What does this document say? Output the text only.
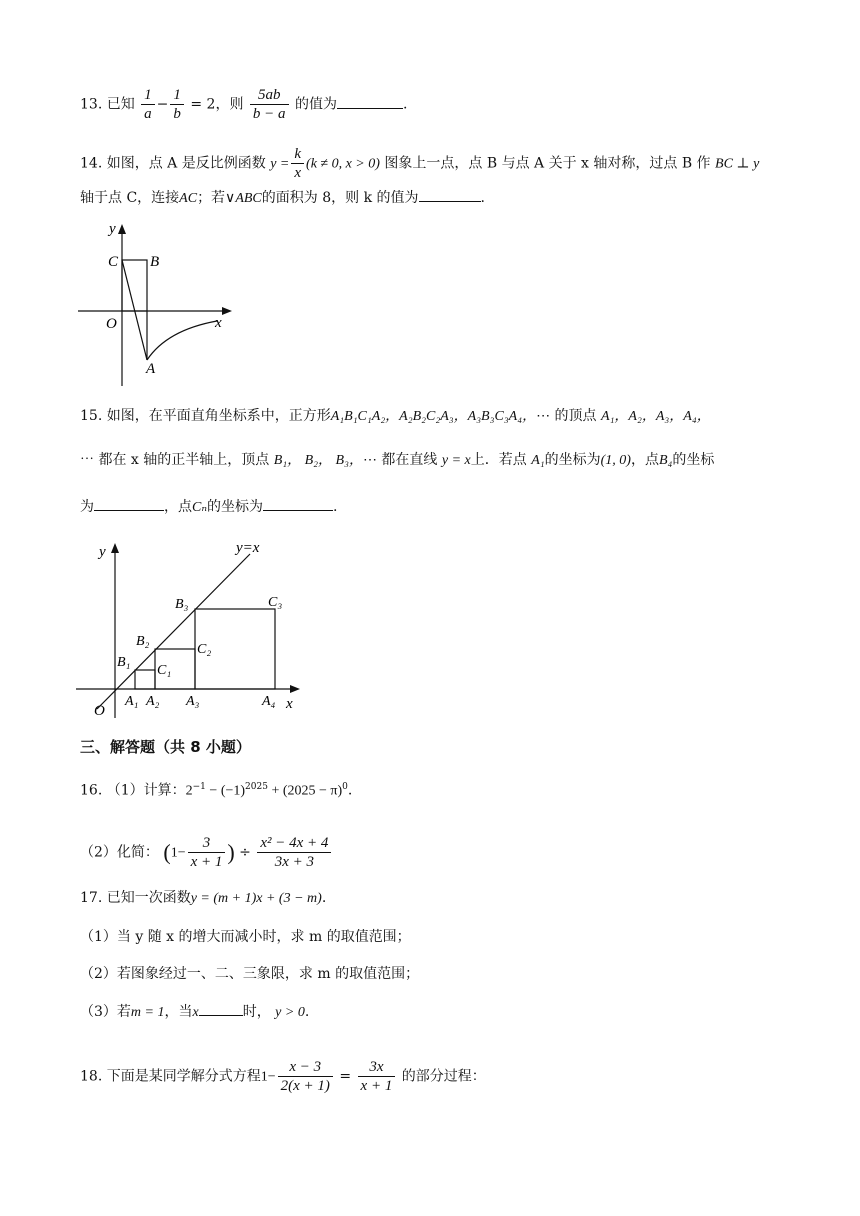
13. 已知 $\frac{1}{a} - \frac{1}{b} = 2$，则 $\frac{5ab}{b - a}$ 的值为	.
14. 如图，点 A 是反比例函数 $y = \frac{k}{x} (k \ne 0$, x > 0) 图象上一点，点 B 与点 A 关于 x 轴对称，过点 B 作 BC ⊥ y
轴于点 C，连接AC；若∨ABC的面积为 8，则 k 的值为	.
y
x
O
C B
A
15. 如图，在平面直角坐标系中，正方形A₁B₁C₁A₂，A₂B₂C₂A₃，A₃B₃C₃A₄，⋯ 的顶点 A₁，A₂，A₃，A₄，
⋯ 都在 x 轴的正半轴上，顶点 B₁， B₂， B₃，⋯ 都在直线 y = x上．若点 A₁的坐标为(1, 0)，点B₄的坐标
为	，点Cₙ的坐标为	.
y
x
O
y=x
B₁
B₂
B₃
C₁
C₂
C₃
A₁ A₂ A₃	A₄
三、解答题（共 8 小题）
16. （1）计算：$2^{-1} - (-1)^{2025} + (2025 - \pi)^0$.
（2）化简： ($1- \frac{3}{x + 1}$ ) ÷ $\frac{\text{x² − 4x + 4}}{3x + 3}$
17. 已知一次函数y = (m + 1)x + (3 − m).
（1）当 y 随 x 的增大而减小时，求 m 的取值范围；
（2）若图象经过一、二、三象限，求 m 的取值范围；
（3）若m = 1，当x	时， y > 0.
18. 下面是某同学解分式方程$1- \frac{x - 3}{2(x + 1)} = \frac{3x}{x + 1}$ 的部分过程：
